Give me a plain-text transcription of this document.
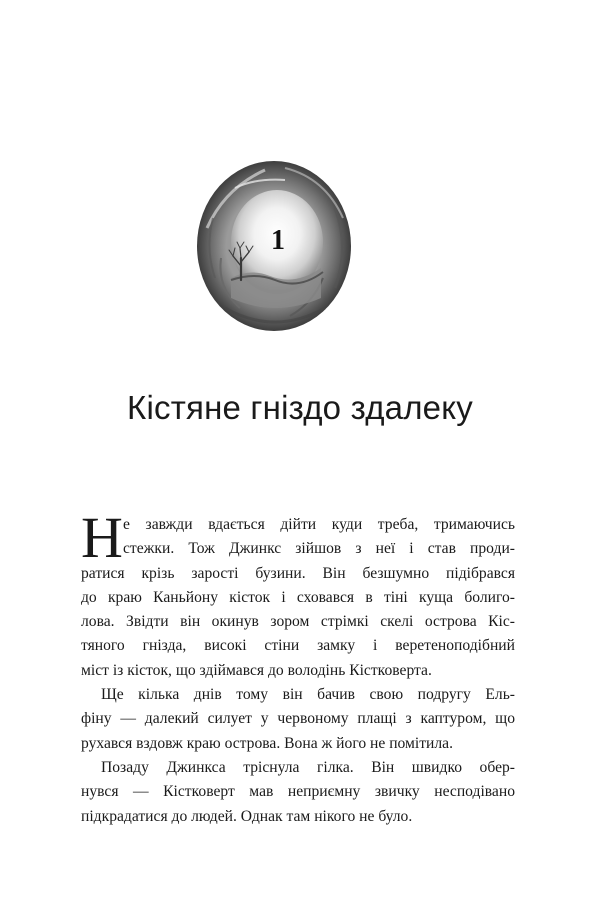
1
Кістяне гніздо здалеку
Н е завжди вдається дійти куди треба, тримаючись
стежки. Тож Джинкс зійшов з неї і став проди-
ратися крізь зарості бузини. Він безшумно підібрався
до краю Каньйону кісток і сховався в тіні куща болиго-
лова. Звідти він окинув зором стрімкі скелі острова Кіс-
тяного гнізда, високі стіни замку і веретеноподібний
міст із кісток, що здіймався до володінь Кістковерта.
Ще кілька днів тому він бачив свою подругу Ель-
фіну — далекий силует у червоному плащі з каптуром, що
рухався вздовж краю острова. Вона ж його не помітила.
Позаду Джинкса тріснула гілка. Він швидко обер-
нувся — Кістковерт мав неприємну звичку несподівано
підкрадатися до людей. Однак там нікого не було.
